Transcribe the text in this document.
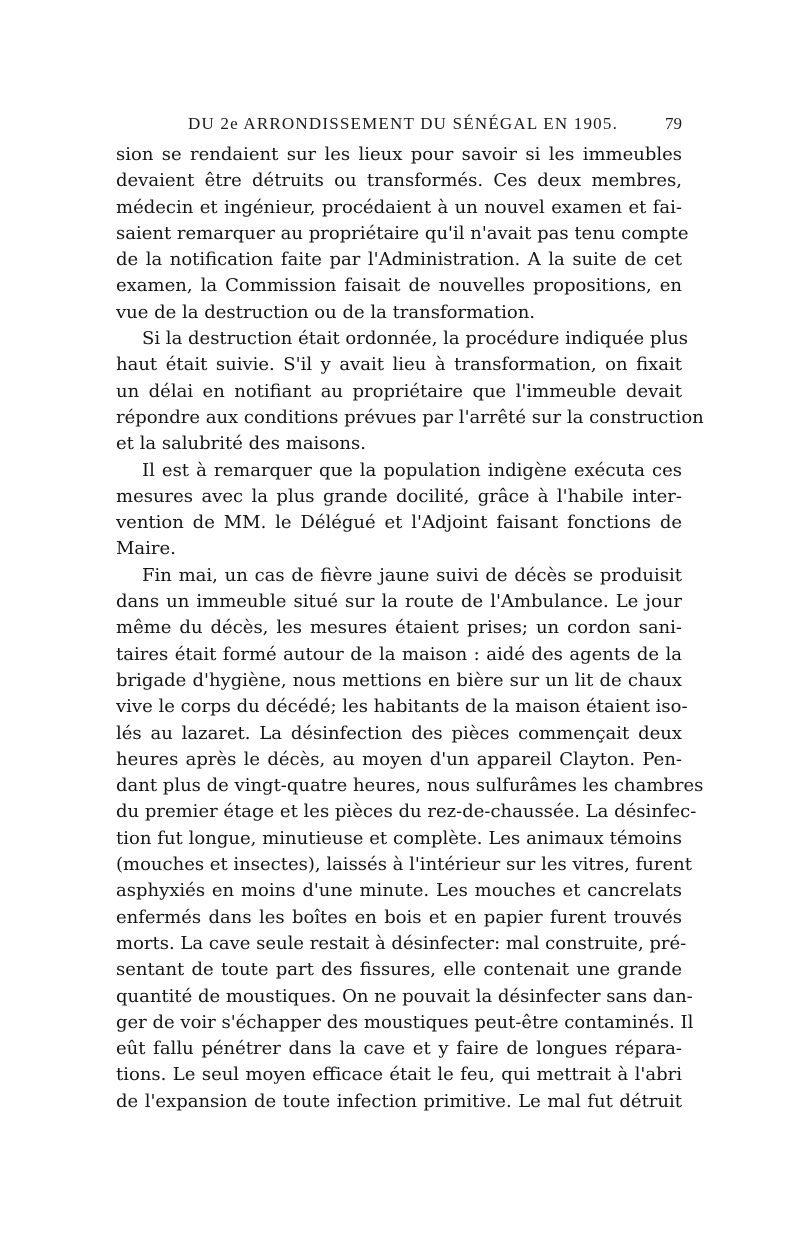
DU 2e ARRONDISSEMENT DU SÉNÉGAL EN 1905.	79
sion se rendaient sur les lieux pour savoir si les immeubles
devaient être détruits ou transformés. Ces deux membres,
médecin et ingénieur, procédaient à un nouvel examen et fai-
saient remarquer au propriétaire qu'il n'avait pas tenu compte
de la notification faite par l'Administration. A la suite de cet
examen, la Commission faisait de nouvelles propositions, en
vue de la destruction ou de la transformation.
Si la destruction était ordonnée, la procédure indiquée plus
haut était suivie. S'il y avait lieu à transformation, on fixait
un délai en notifiant au propriétaire que l'immeuble devait
répondre aux conditions prévues par l'arrêté sur la construction
et la salubrité des maisons.
Il est à remarquer que la population indigène exécuta ces
mesures avec la plus grande docilité, grâce à l'habile inter-
vention de MM. le Délégué et l'Adjoint faisant fonctions de
Maire.
Fin mai, un cas de fièvre jaune suivi de décès se produisit
dans un immeuble situé sur la route de l'Ambulance. Le jour
même du décès, les mesures étaient prises; un cordon sani-
taires était formé autour de la maison : aidé des agents de la
brigade d'hygiène, nous mettions en bière sur un lit de chaux
vive le corps du décédé; les habitants de la maison étaient iso-
lés au lazaret. La désinfection des pièces commençait deux
heures après le décès, au moyen d'un appareil Clayton. Pen-
dant plus de vingt-quatre heures, nous sulfurâmes les chambres
du premier étage et les pièces du rez-de-chaussée. La désinfec-
tion fut longue, minutieuse et complète. Les animaux témoins
(mouches et insectes), laissés à l'intérieur sur les vitres, furent
asphyxiés en moins d'une minute. Les mouches et cancrelats
enfermés dans les boîtes en bois et en papier furent trouvés
morts. La cave seule restait à désinfecter: mal construite, pré-
sentant de toute part des fissures, elle contenait une grande
quantité de moustiques. On ne pouvait la désinfecter sans dan-
ger de voir s'échapper des moustiques peut-être contaminés. Il
eût fallu pénétrer dans la cave et y faire de longues répara-
tions. Le seul moyen efficace était le feu, qui mettrait à l'abri
de l'expansion de toute infection primitive. Le mal fut détruit
